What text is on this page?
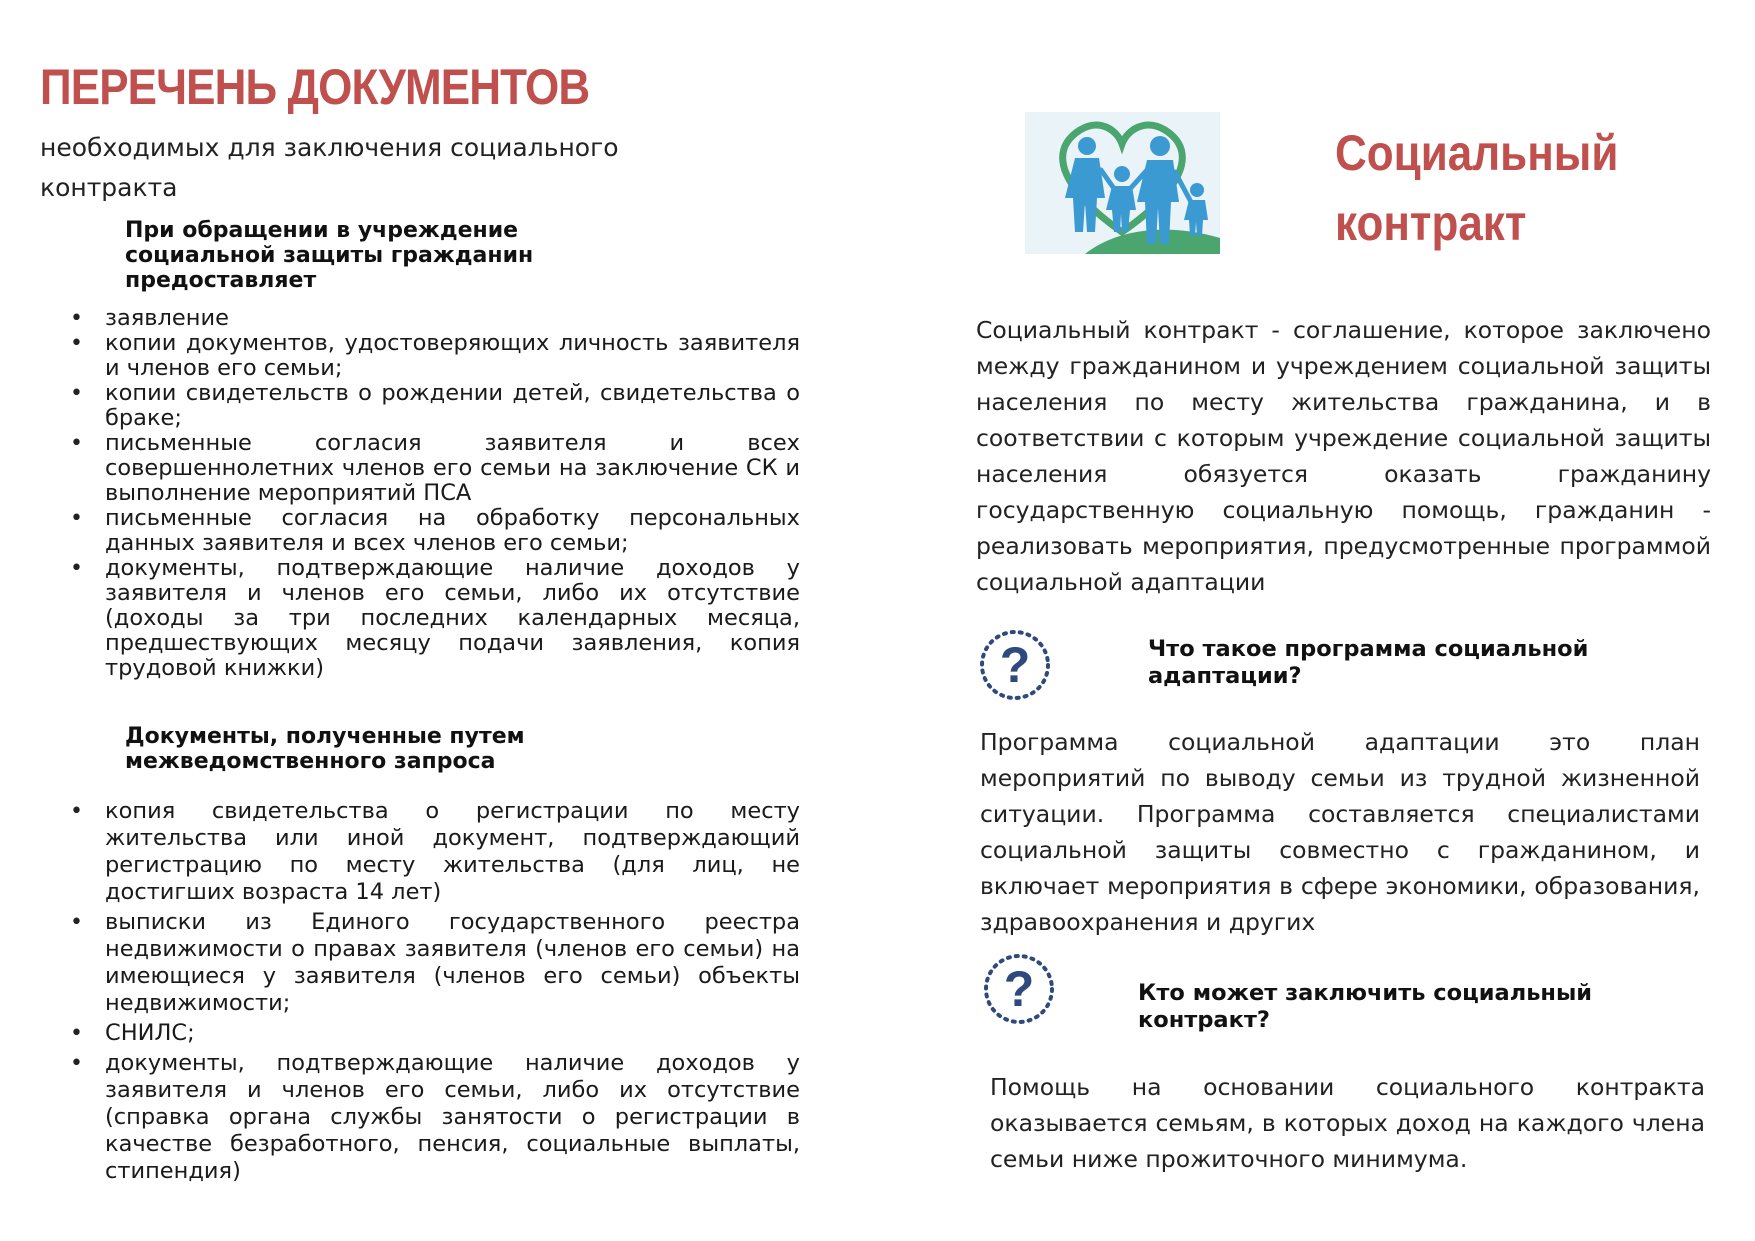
ПЕРЕЧЕНЬ ДОКУМЕНТОВ
необходимых для заключения социального контракта
При обращении в учреждение социальной защиты гражданин предоставляет
• заявление
• копии документов, удостоверяющих личность заявителя и членов его семьи;
• копии свидетельств о рождении детей, свидетельства о браке;
• письменные согласия заявителя и всех совершеннолетних членов его семьи на заключение СК и выполнение мероприятий ПСА
• письменные согласия на обработку персональных данных заявителя и всех членов его семьи;
• документы, подтверждающие наличие доходов у заявителя и членов его семьи, либо их отсутствие (доходы за три последних календарных месяца, предшествующих месяцу подачи заявления, копия трудовой книжки)
Документы, полученные путем межведомственного запроса
• копия свидетельства о регистрации по месту жительства или иной документ, подтверждающий регистрацию по месту жительства (для лиц, не достигших возраста 14 лет)
• выписки из Единого государственного реестра недвижимости о правах заявителя (членов его семьи) на имеющиеся у заявителя (членов его семьи) объекты недвижимости;
• СНИЛС;
• документы, подтверждающие наличие доходов у заявителя и членов его семьи, либо их отсутствие (справка органа службы занятости о регистрации в качестве безработного, пенсия, социальные выплаты, стипендия)
Социальный
контракт
Социальный контракт - соглашение, которое заключено между гражданином и учреждением социальной защиты населения по месту жительства гражданина, и в соответствии с которым учреждение социальной защиты населения обязуется оказать гражданину государственную социальную помощь, гражданин - реализовать мероприятия, предусмотренные программой социальной адаптации
?	Что такое программа социальной адаптации?
Программа социальной адаптации это план мероприятий по выводу семьи из трудной жизненной ситуации. Программа составляется специалистами социальной защиты совместно с гражданином, и включает мероприятия в сфере экономики, образования, здравоохранения и других
?	Кто может заключить социальный контракт?
Помощь на основании социального контракта оказывается семьям, в которых доход на каждого члена семьи ниже прожиточного минимума.
